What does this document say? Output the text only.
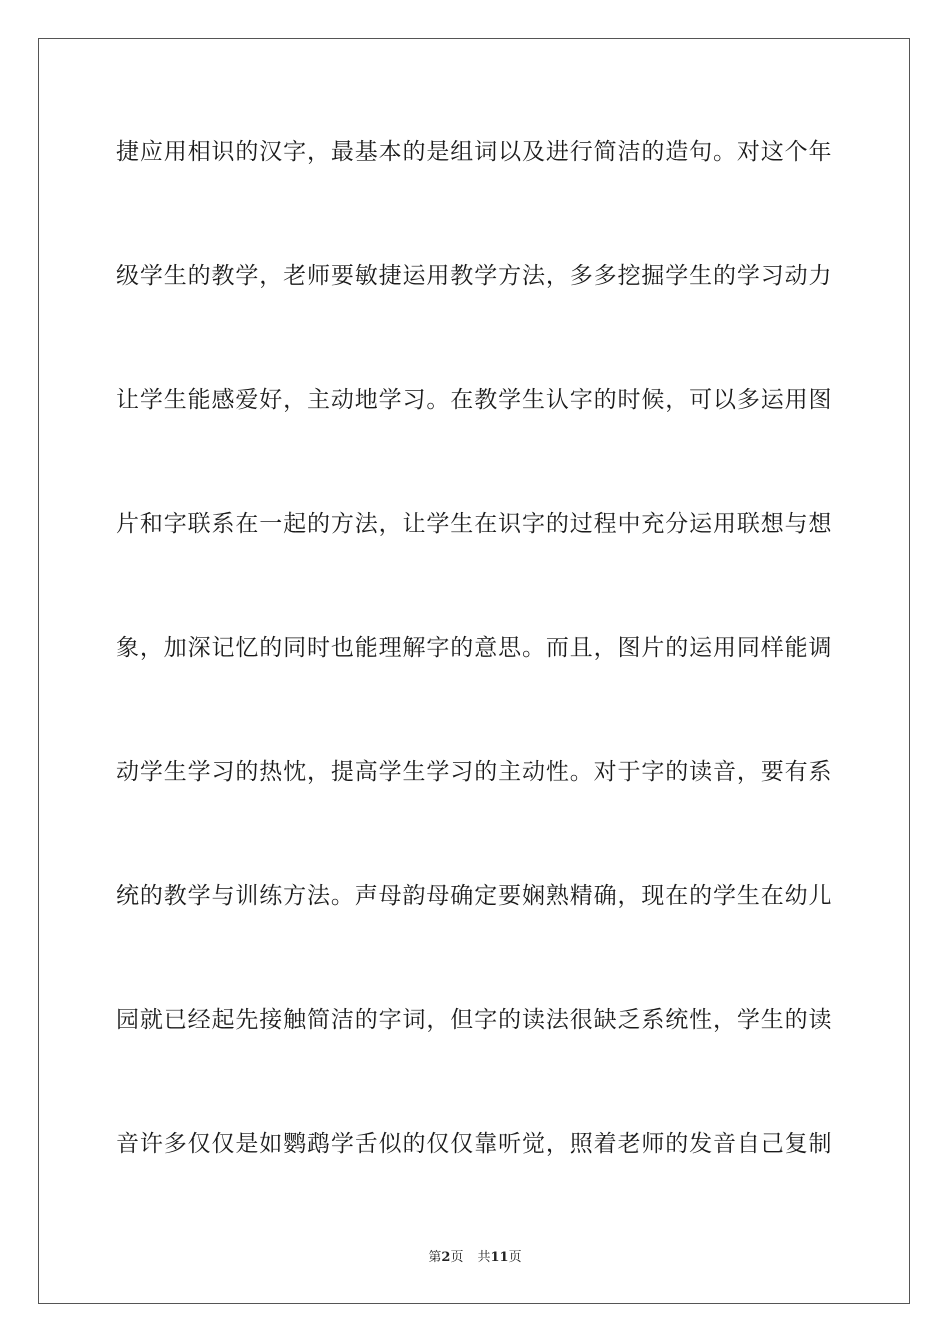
捷应用相识的汉字，最基本的是组词以及进行简洁的造句。对这个年
级学生的教学，老师要敏捷运用教学方法，多多挖掘学生的学习动力
让学生能感爱好，主动地学习。在教学生认字的时候，可以多运用图
片和字联系在一起的方法，让学生在识字的过程中充分运用联想与想
象，加深记忆的同时也能理解字的意思。而且，图片的运用同样能调
动学生学习的热忱，提高学生学习的主动性。对于字的读音，要有系
统的教学与训练方法。声母韵母确定要娴熟精确，现在的学生在幼儿
园就已经起先接触简洁的字词，但字的读法很缺乏系统性，学生的读
音许多仅仅是如鹦鹉学舌似的仅仅靠听觉，照着老师的发音自己复制
第2页 共11页
